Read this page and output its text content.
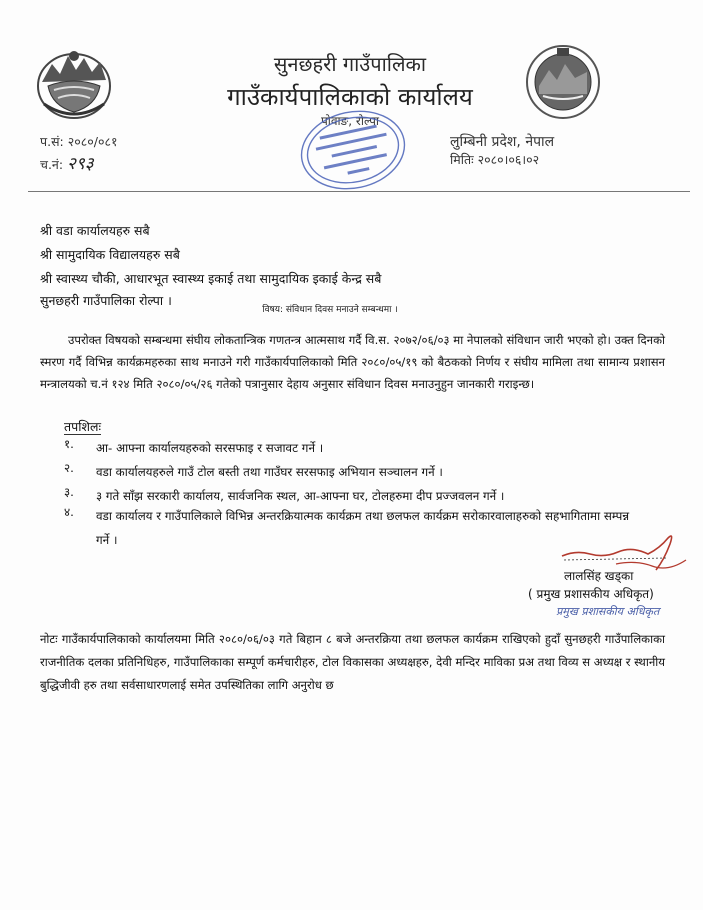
सुनछहरी गाउँपालिका
गाउँकार्यपालिकाको कार्यालय
पोवाङ, रोल्पा
प.सं: २०८०/०८१
च.नं: २९३
लुम्बिनी प्रदेश, नेपाल
मितिः २०८०।०६।०२
श्री वडा कार्यालयहरु सबै
श्री सामुदायिक विद्यालयहरु सबै
श्री स्वास्थ्य चौकी, आधारभूत स्वास्थ्य इकाई तथा सामुदायिक इकाई केन्द्र सबै
सुनछहरी गाउँपालिका रोल्पा ।
विषय: संविधान दिवस मनाउने सम्बन्धमा ।
उपरोक्त विषयको सम्बन्धमा संघीय लोकतान्त्रिक गणतन्त्र आत्मसाथ गर्दै वि.स. २०७२/०६/०३ मा नेपालको संविधान जारी भएको हो। उक्त दिनको स्मरण गर्दै विभिन्न कार्यक्रमहरुका साथ मनाउने गरी गाउँकार्यपालिकाको मिति २०८०/०५/१९ को बैठकको निर्णय र संघीय मामिला तथा सामान्य प्रशासन मन्त्रालयको च.नं १२४ मिति २०८०/०५/२६ गतेको पत्रानुसार देहाय अनुसार संविधान दिवस मनाउनुहुन जानकारी गराइन्छ।
तपशिलः
१.	आ- आफ्ना कार्यालयहरुको सरसफाइ र सजावट गर्ने ।
२.	वडा कार्यालयहरुले गाउँ टोल बस्ती तथा गाउँघर सरसफाइ अभियान सञ्चालन गर्ने ।
३.	३ गते साँझ सरकारी कार्यालय, सार्वजनिक स्थल, आ-आफ्ना घर, टोलहरुमा दीप प्रज्जवलन गर्ने ।
४.	वडा कार्यालय र गाउँपालिकाले विभिन्न अन्तरक्रियात्मक कार्यक्रम तथा छलफल कार्यक्रम सरोकारवालाहरुको सहभागितामा सम्पन्न गर्ने ।
लालसिंह खड्का
( प्रमुख प्रशासकीय अधिकृत)
प्रमुख प्रशासकीय अधिकृत
नोटः गाउँकार्यपालिकाको कार्यालयमा मिति २०८०/०६/०३ गते बिहान ८ बजे अन्तरक्रिया तथा छलफल कार्यक्रम राखिएको हुदाँ सुनछहरी गाउँपालिकाका राजनीतिक दलका प्रतिनिधिहरु, गाउँपालिकाका सम्पूर्ण कर्मचारीहरु, टोल विकासका अध्यक्षहरु, देवी मन्दिर माविका प्रअ तथा विव्य स अध्यक्ष र स्थानीय बुद्धिजीवी हरु तथा सर्वसाधारणलाई समेत उपस्थितिका लागि अनुरोध छ
